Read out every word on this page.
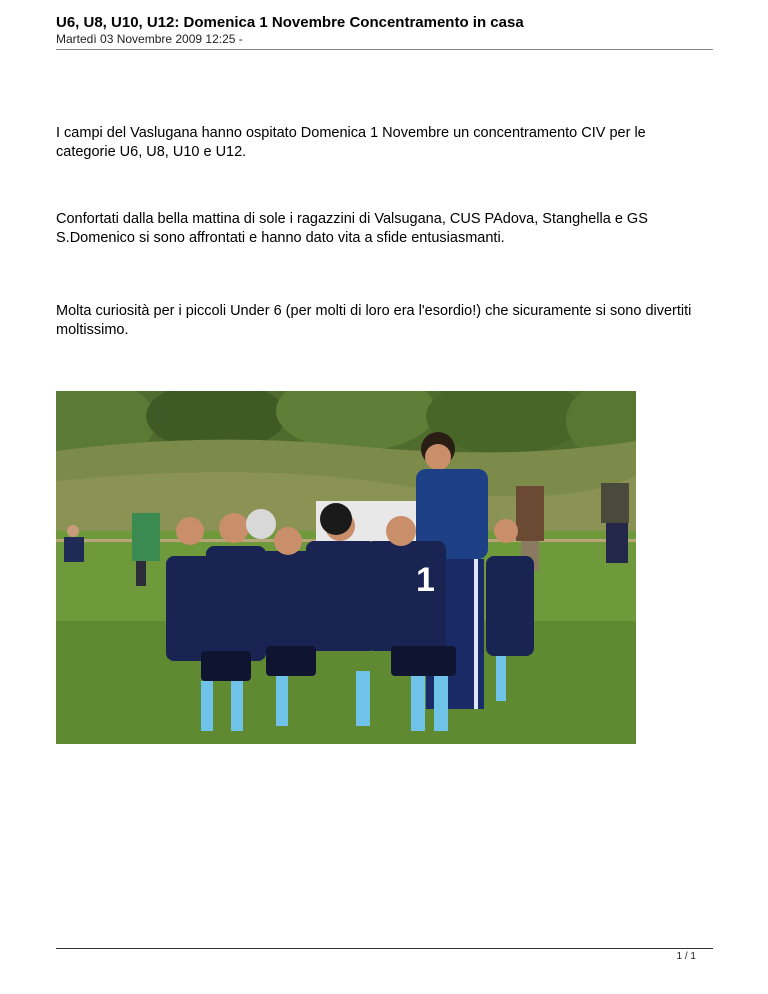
U6, U8, U10, U12: Domenica 1 Novembre Concentramento in casa
Martedì 03 Novembre 2009 12:25 -
I campi del Vaslugana hanno ospitato Domenica 1 Novembre un concentramento CIV per le categorie U6, U8, U10 e U12.
Confortati dalla bella mattina di sole i ragazzini di Valsugana, CUS PAdova, Stanghella e GS S.Domenico si sono affrontati e hanno dato vita a sfide entusiasmanti.
Molta curiosità per i piccoli Under 6 (per molti di loro era l'esordio!) che sicuramente si sono divertiti moltissimo.
1
1 / 1
